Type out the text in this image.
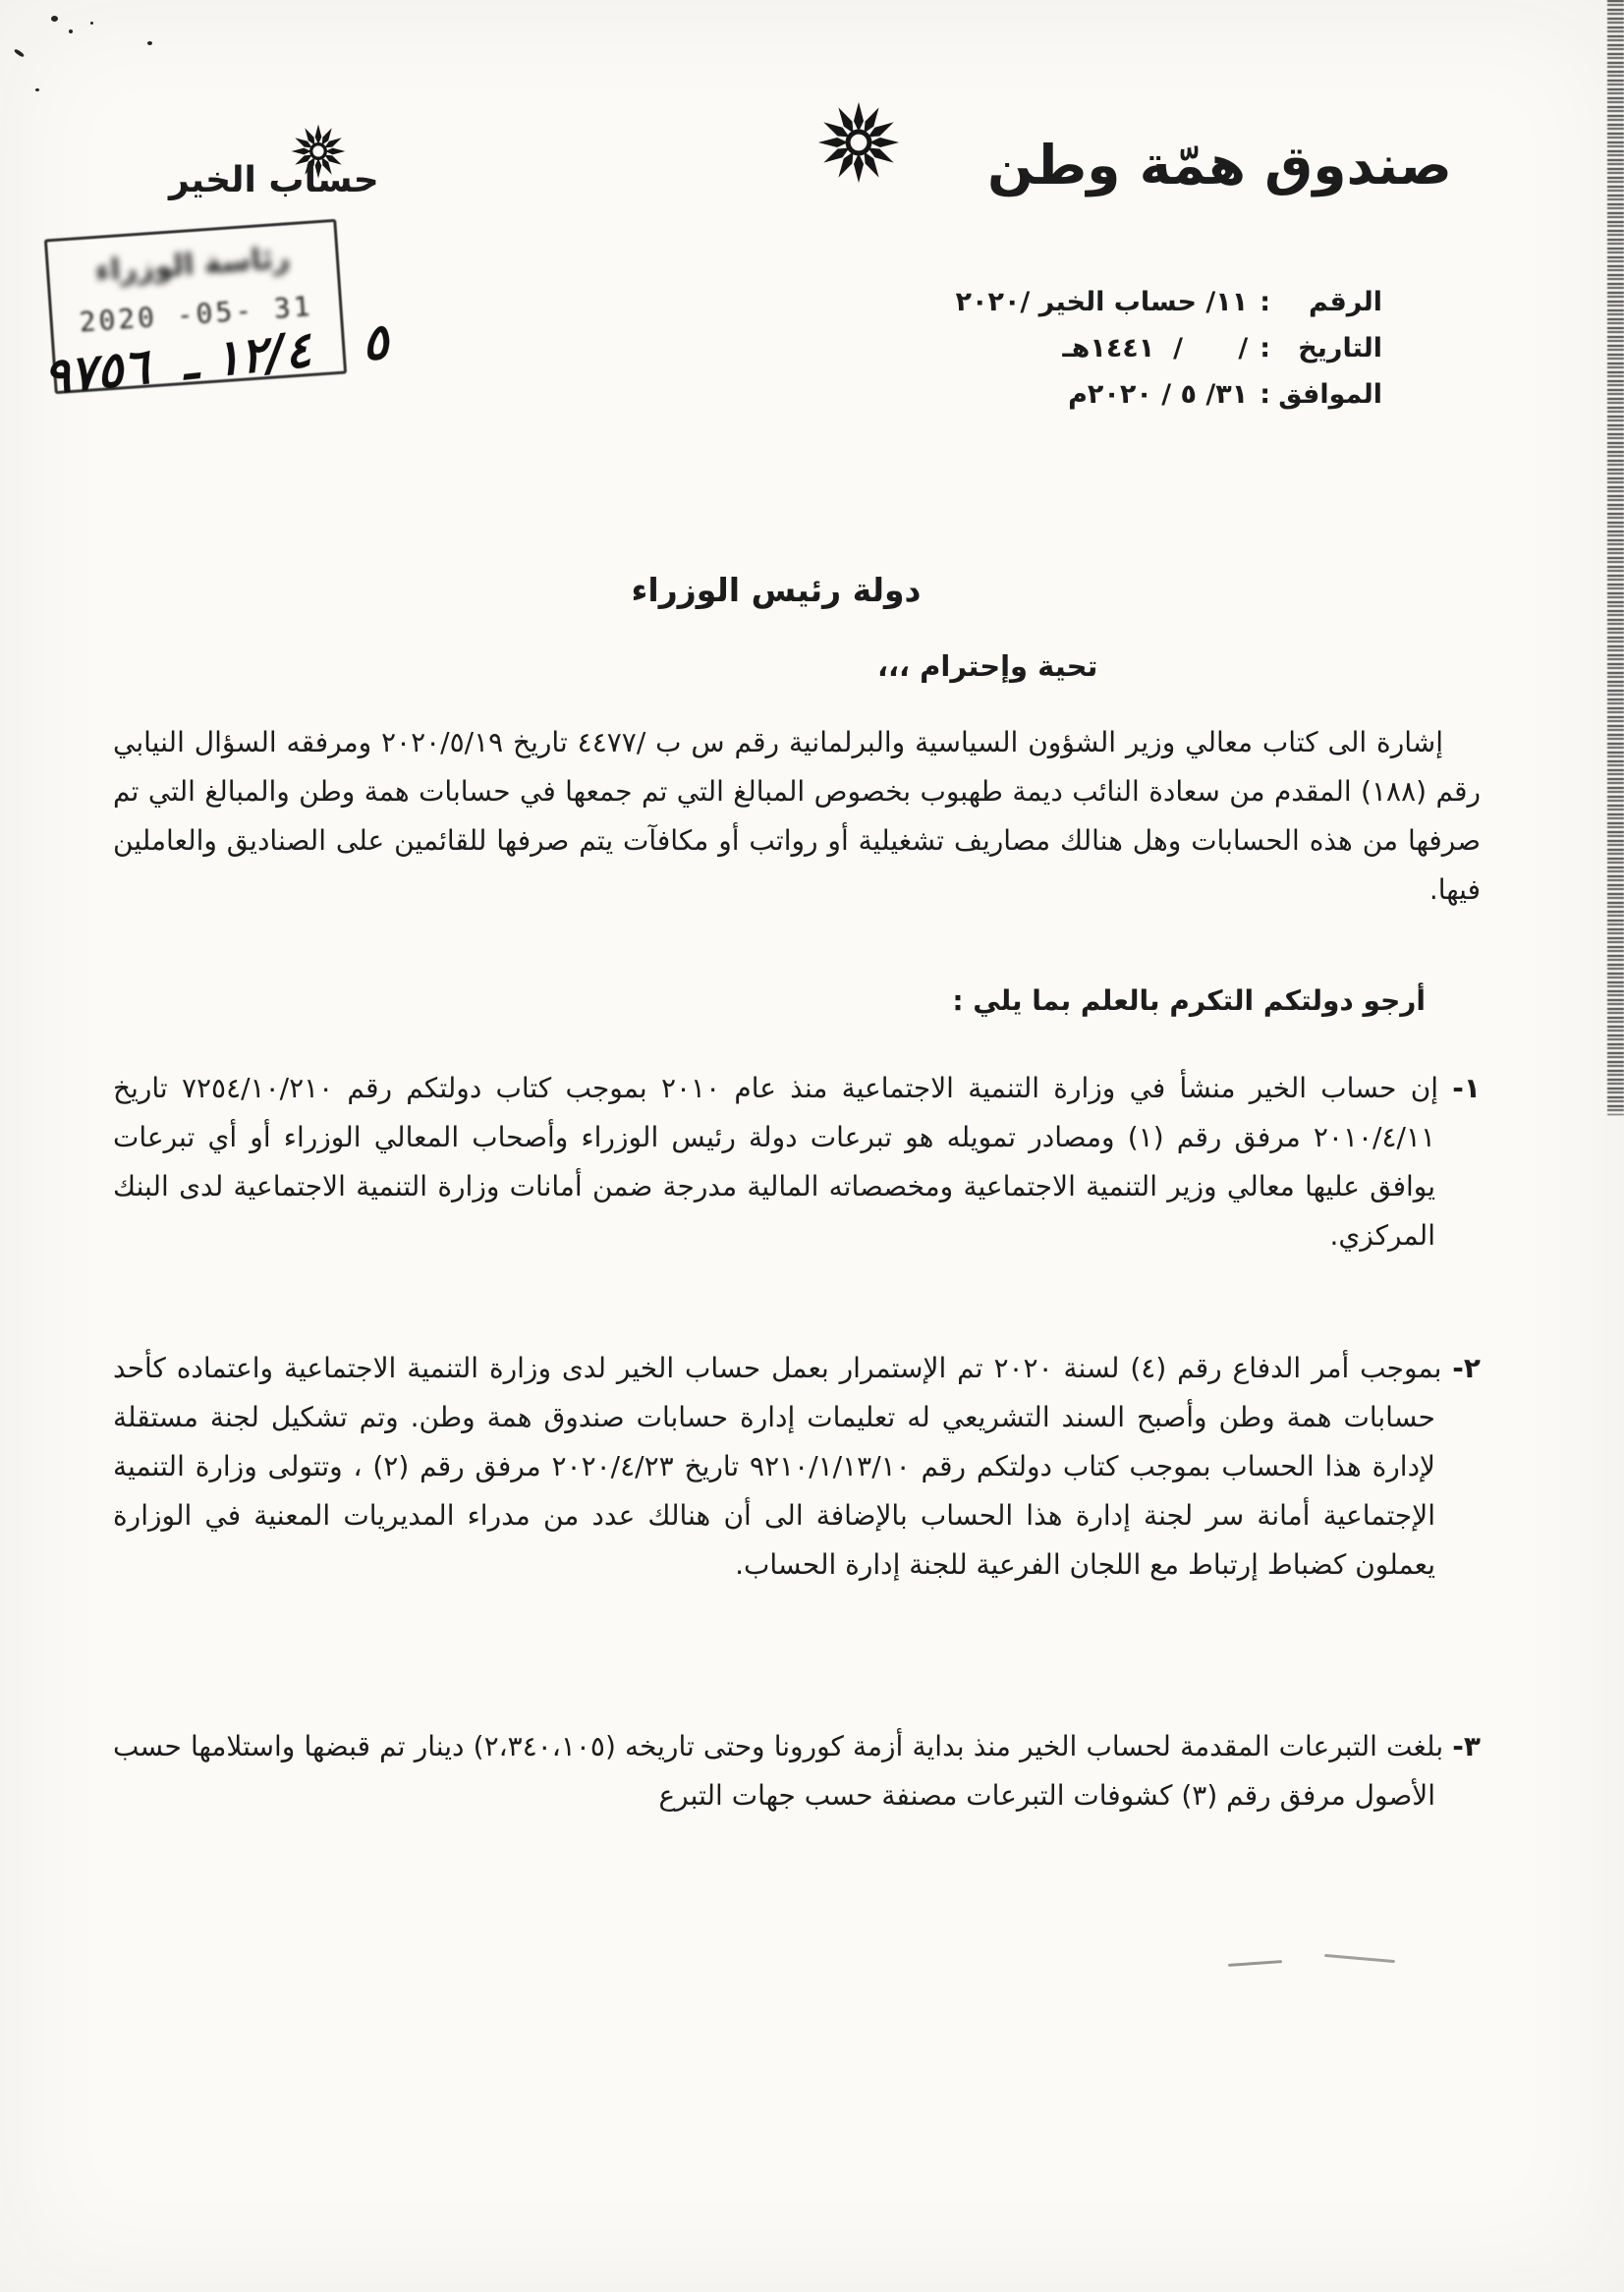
صندوق همّة وطن
حساب الخير
الرقم
:
١١/ حساب الخير /٢٠٢٠
التاريخ
:
/      /  ١٤٤١هـ
الموافق
:
٣١/ ٥ / ٢٠٢٠م
رئاسة الوزراء
2020 -05- 31
٥   ١٢/٤ ـ  ٩٧٥٦
دولة رئيس الوزراء
تحية وإحترام ،،،
إشارة الى كتاب معالي وزير الشؤون السياسية والبرلمانية رقم س ب /٤٤٧٧ تاريخ ٢٠٢٠/٥/١٩ ومرفقه السؤال النيابي رقم (١٨٨) المقدم من سعادة النائب ديمة طهبوب بخصوص المبالغ التي تم جمعها في حسابات همة وطن والمبالغ التي تم صرفها من هذه الحسابات وهل هنالك مصاريف تشغيلية أو رواتب أو مكافآت يتم صرفها للقائمين على الصناديق والعاملين فيها.
أرجو دولتكم التكرم بالعلم بما يلي :
١- إن حساب الخير منشأ في وزارة التنمية الاجتماعية منذ عام ٢٠١٠ بموجب كتاب دولتكم رقم ٧٢٥٤/١٠/٢١٠ تاريخ ٢٠١٠/٤/١١ مرفق رقم (١) ومصادر تمويله هو تبرعات دولة رئيس الوزراء وأصحاب المعالي الوزراء أو أي تبرعات يوافق عليها معالي وزير التنمية الاجتماعية ومخصصاته المالية مدرجة ضمن أمانات وزارة التنمية الاجتماعية لدى البنك المركزي.
٢- بموجب أمر الدفاع رقم (٤) لسنة ٢٠٢٠ تم الإستمرار بعمل حساب الخير لدى وزارة التنمية الاجتماعية واعتماده كأحد حسابات همة وطن وأصبح السند التشريعي له تعليمات إدارة حسابات صندوق همة وطن. وتم تشكيل لجنة مستقلة لإدارة هذا الحساب بموجب كتاب دولتكم رقم ٩٢١٠/١/١٣/١٠ تاريخ ٢٠٢٠/٤/٢٣ مرفق رقم (٢) ، وتتولى وزارة التنمية الإجتماعية أمانة سر لجنة إدارة هذا الحساب بالإضافة الى أن هنالك عدد من مدراء المديريات المعنية في الوزارة يعملون كضباط إرتباط مع اللجان الفرعية للجنة إدارة الحساب.
٣- بلغت التبرعات المقدمة لحساب الخير منذ بداية أزمة كورونا وحتى تاريخه (٢،٣٤٠،١٠٥) دينار تم قبضها واستلامها حسب الأصول مرفق رقم (٣) كشوفات التبرعات مصنفة حسب جهات التبرع
